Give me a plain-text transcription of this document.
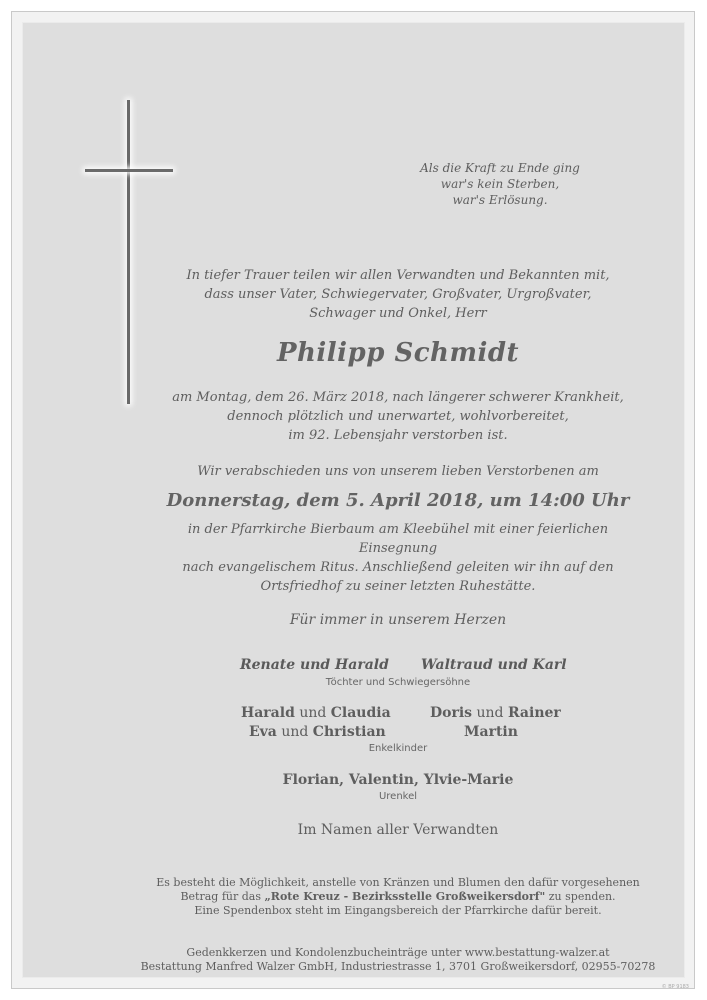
Als die Kraft zu Ende ging
war's kein Sterben,
war's Erlösung.
In tiefer Trauer teilen wir allen Verwandten und Bekannten mit,
dass unser Vater, Schwiegervater, Großvater, Urgroßvater,
Schwager und Onkel, Herr
Philipp Schmidt
am Montag, dem 26. März 2018, nach längerer schwerer Krankheit,
dennoch plötzlich und unerwartet, wohlvorbereitet,
im 92. Lebensjahr verstorben ist.
Wir verabschieden uns von unserem lieben Verstorbenen am
Donnerstag, dem 5. April 2018, um 14:00 Uhr
in der Pfarrkirche Bierbaum am Kleebühel mit einer feierlichen Einsegnung
nach evangelischem Ritus. Anschließend geleiten wir ihn auf den
Ortsfriedhof zu seiner letzten Ruhestätte.
Für immer in unserem Herzen
Renate und Harald Waltraud und Karl
Töchter und Schwiegersöhne
Harald und Claudia
Eva und Christian
Doris und Rainer
Martin
Enkelkinder
Florian, Valentin, Ylvie-Marie
Urenkel
Im Namen aller Verwandten
Es besteht die Möglichkeit, anstelle von Kränzen und Blumen den dafür vorgesehenen
Betrag für das „Rote Kreuz - Bezirksstelle Großweikersdorf" zu spenden.
Eine Spendenbox steht im Eingangsbereich der Pfarrkirche dafür bereit.
Gedenkkerzen und Kondolenzbucheinträge unter www.bestattung-walzer.at
Bestattung Manfred Walzer GmbH, Industriestrasse 1, 3701 Großweikersdorf, 02955-70278
© BP 9183
